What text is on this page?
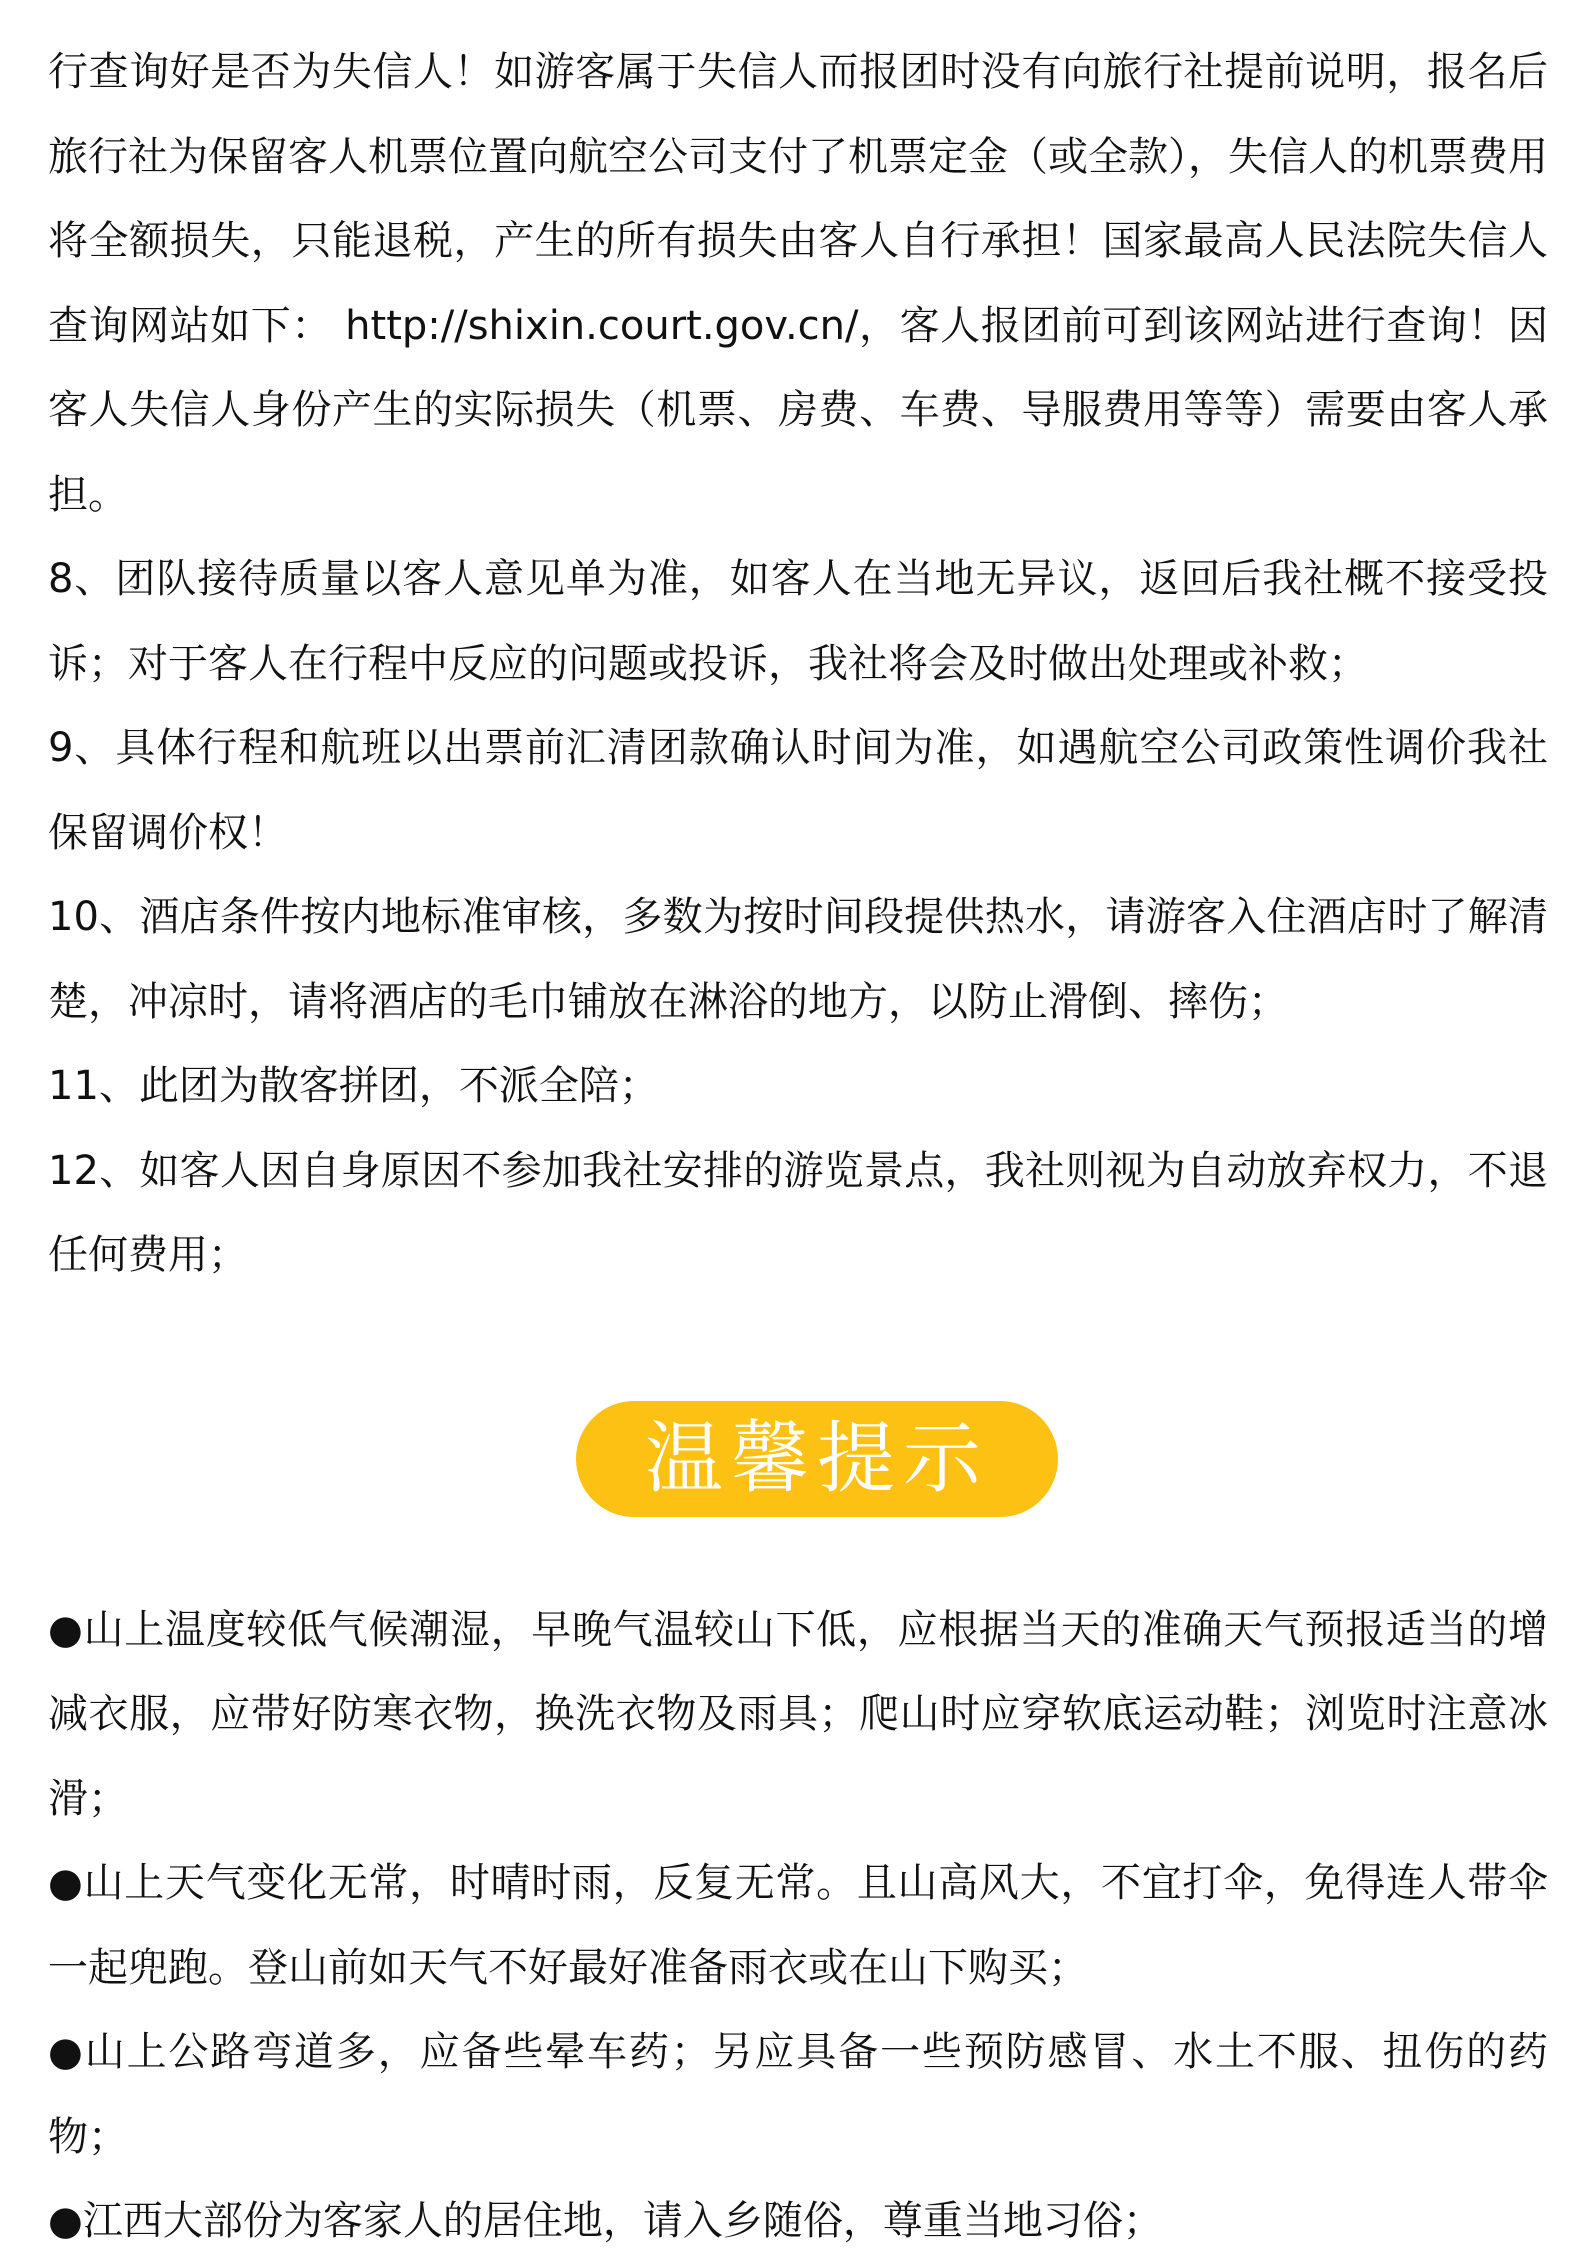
行查询好是否为失信人！如游客属于失信人而报团时没有向旅行社提前说明，报名后旅行社为保留客人机票位置向航空公司支付了机票定金（或全款），失信人的机票费用将全额损失，只能退税，产生的所有损失由客人自行承担！国家最高人民法院失信人查询网站如下： http://shixin.court.gov.cn/，客人报团前可到该网站进行查询！因客人失信人身份产生的实际损失（机票、房费、车费、导服费用等等）需要由客人承担。

8、团队接待质量以客人意见单为准，如客人在当地无异议，返回后我社概不接受投诉；对于客人在行程中反应的问题或投诉，我社将会及时做出处理或补救；

9、具体行程和航班以出票前汇清团款确认时间为准，如遇航空公司政策性调价我社保留调价权！

10、酒店条件按内地标准审核，多数为按时间段提供热水，请游客入住酒店时了解清楚，冲凉时，请将酒店的毛巾铺放在淋浴的地方，以防止滑倒、摔伤；

11、此团为散客拼团，不派全陪；

12、如客人因自身原因不参加我社安排的游览景点，我社则视为自动放弃权力，不退任何费用；

温馨提示

●山上温度较低气候潮湿，早晚气温较山下低，应根据当天的准确天气预报适当的增减衣服，应带好防寒衣物，换洗衣物及雨具；爬山时应穿软底运动鞋；浏览时注意冰滑；

●山上天气变化无常，时晴时雨，反复无常。且山高风大，不宜打伞，免得连人带伞一起兜跑。登山前如天气不好最好准备雨衣或在山下购买；

●山上公路弯道多，应备些晕车药；另应具备一些预防感冒、水土不服、扭伤的药物；

●江西大部份为客家人的居住地，请入乡随俗，尊重当地习俗；
